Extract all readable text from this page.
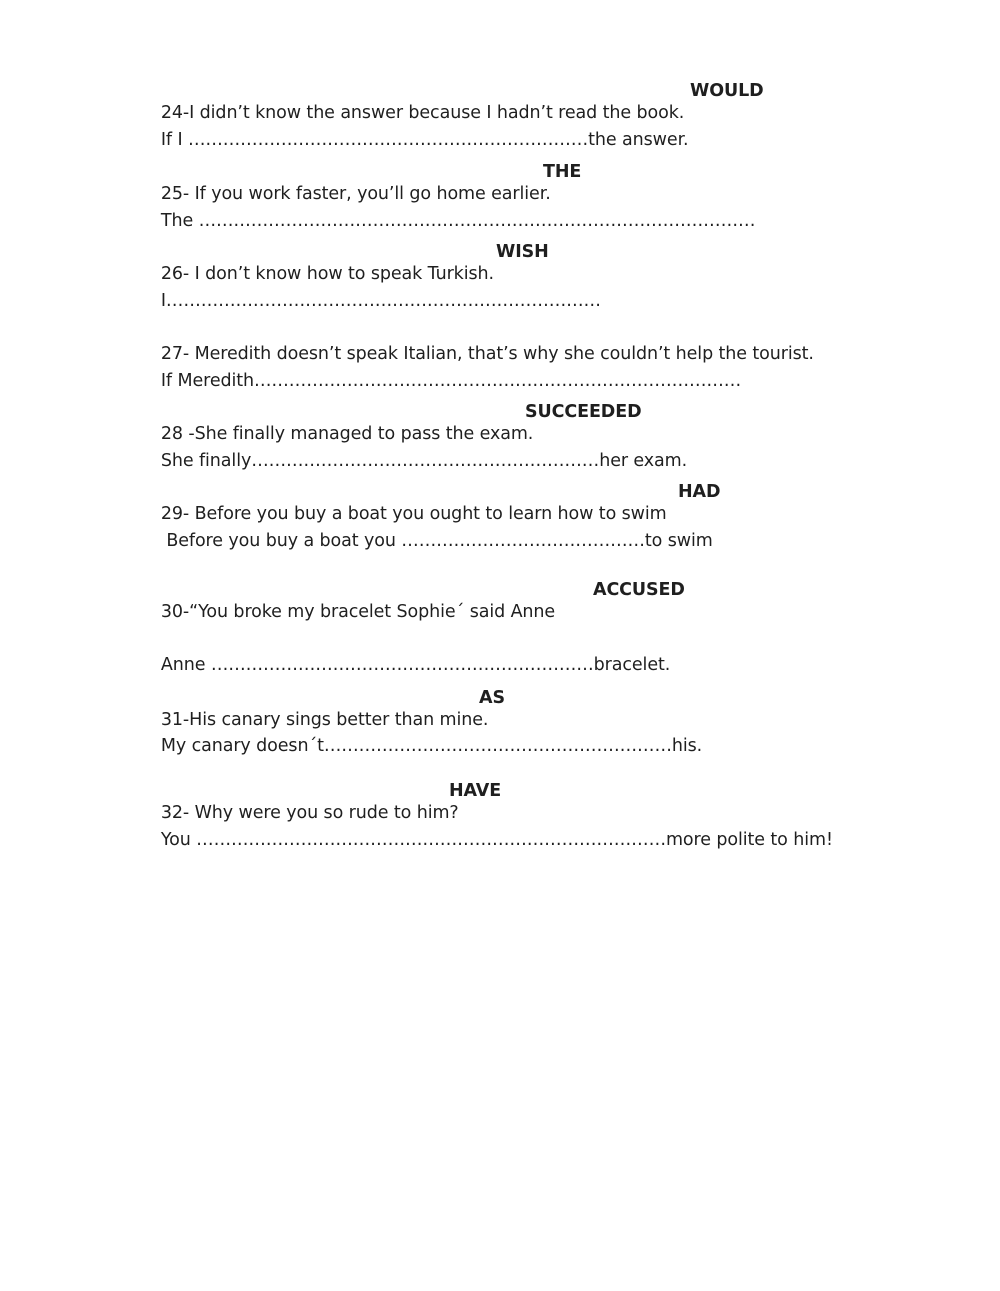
24-I didn’t know the answer because I hadn’t read the book.
WOULD

If I ……………………………………………………………the answer.

25- If you work faster, you’ll go home earlier.
THE

The ……………………………………………………………………………………

26- I don’t know how to speak Turkish.
WISH

I…………………………………………………………………

27- Meredith doesn’t speak Italian, that’s why she couldn’t help the tourist.

If Meredith…………………………………………………………………………

28 -She finally managed to pass the exam.
SUCCEEDED

She finally……………………………………………………her exam.

29- Before you buy a boat you ought to learn how to swim
HAD

Before you buy a boat you ……………………………………to swim

30-“You broke my bracelet Sophie´ said Anne
ACCUSED

Anne …………………………………………………………bracelet.

31-His canary sings better than mine.
AS

My canary doesn´t……………………………………………………his.

32- Why were you so rude to him?
HAVE

You ………………………………………………………………………more polite to him!
